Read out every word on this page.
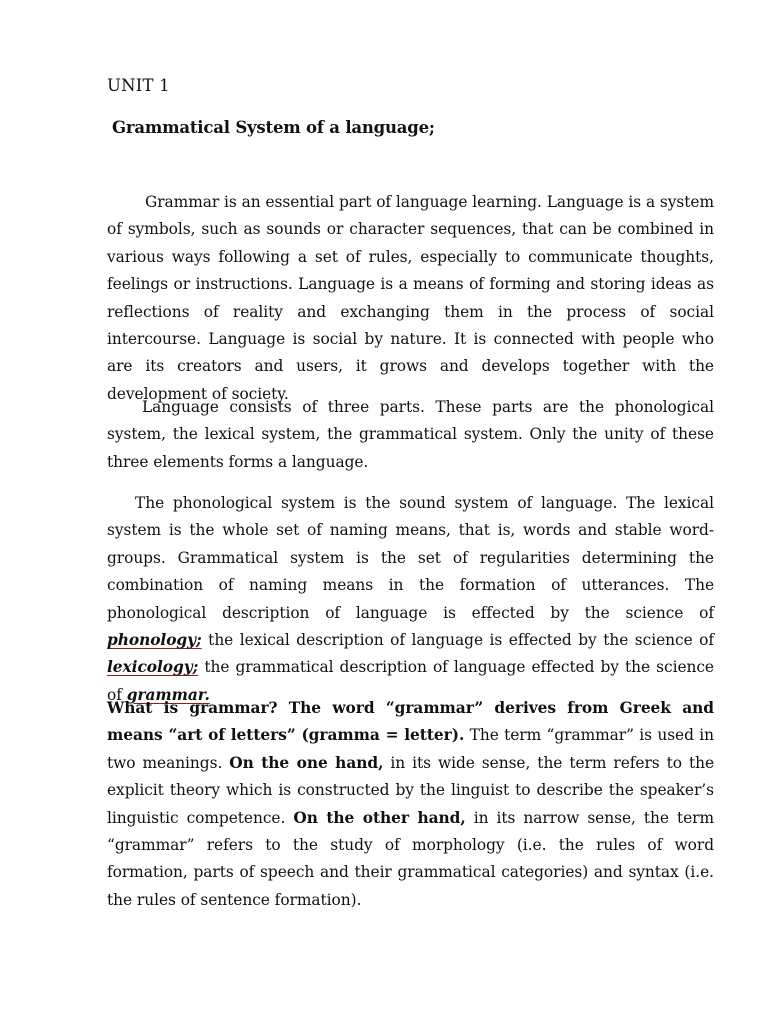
UNIT 1
Grammatical System of a language;

Grammar is an essential part of language learning. Language is a system of symbols, such as sounds or character sequences, that can be combined in various ways following a set of rules, especially to communicate thoughts, feelings or instructions. Language is a means of forming and storing ideas as reflections of reality and exchanging them in the process of social intercourse. Language is social by nature. It is connected with people who are its creators and users, it grows and develops together with the development of society.

Language consists of three parts. These parts are the phonological system, the lexical system, the grammatical system. Only the unity of these three elements forms a language.

The phonological system is the sound system of language. The lexical system is the whole set of naming means, that is, words and stable word-groups. Grammatical system is the set of regularities determining the combination of naming means in the formation of utterances. The phonological description of language is effected by the science of phonology; the lexical description of language is effected by the science of lexicology; the grammatical description of language effected by the science of grammar.

What is grammar? The word “grammar” derives from Greek and means “art of letters” (gramma = letter). The term “grammar” is used in two meanings. On the one hand, in its wide sense, the term refers to the explicit theory which is constructed by the linguist to describe the speaker’s linguistic competence. On the other hand, in its narrow sense, the term “grammar” refers to the study of morphology (i.e. the rules of word formation, parts of speech and their grammatical categories) and syntax (i.e. the rules of sentence formation).
